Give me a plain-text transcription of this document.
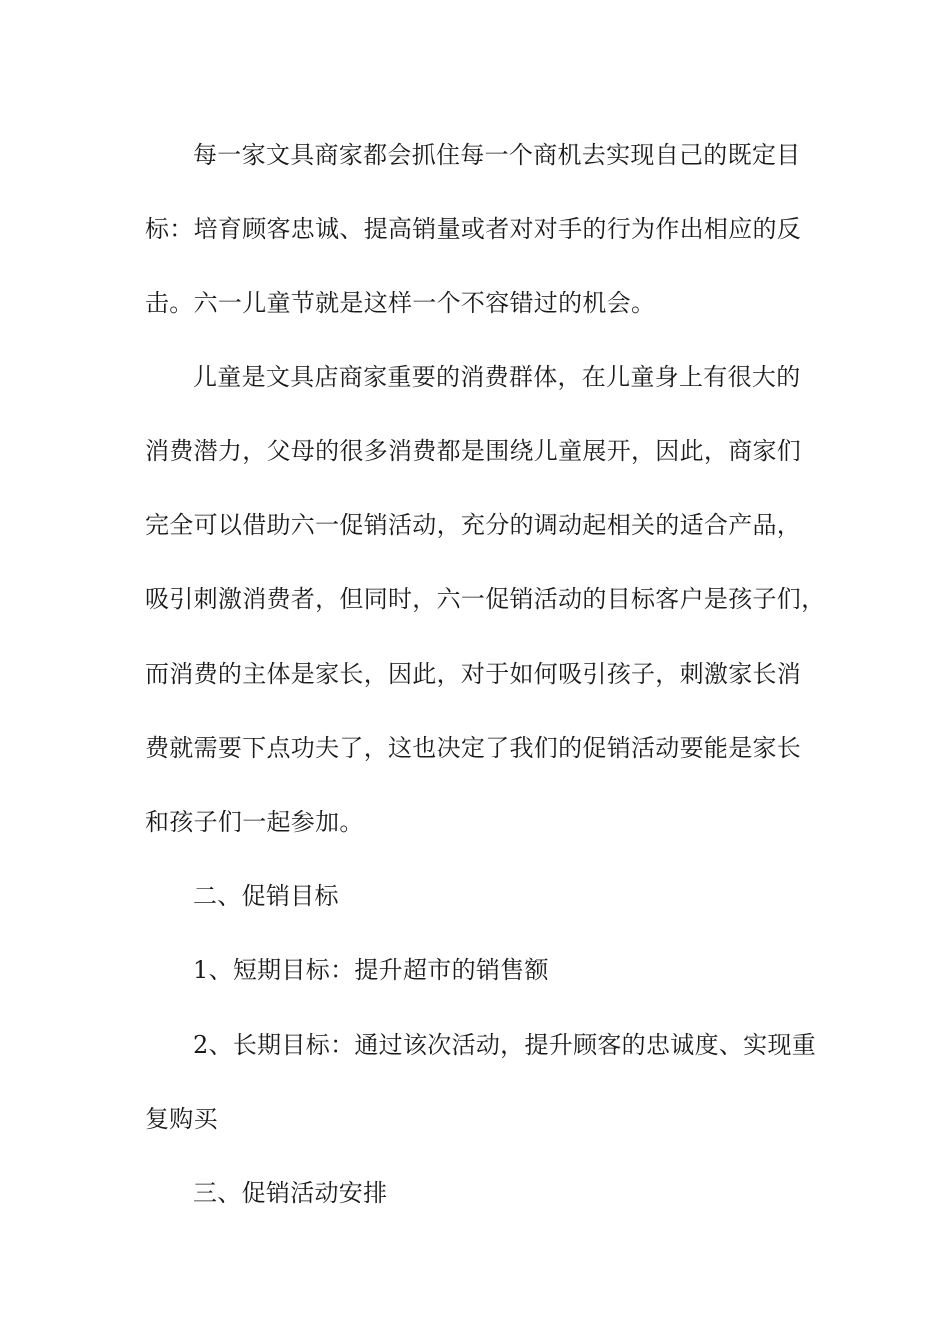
每一家文具商家都会抓住每一个商机去实现自己的既定目
标：培育顾客忠诚、提高销量或者对对手的行为作出相应的反
击。六一儿童节就是这样一个不容错过的机会。
儿童是文具店商家重要的消费群体，在儿童身上有很大的
消费潜力，父母的很多消费都是围绕儿童展开，因此，商家们
完全可以借助六一促销活动，充分的调动起相关的适合产品，
吸引刺激消费者，但同时，六一促销活动的目标客户是孩子们，
而消费的主体是家长，因此，对于如何吸引孩子，刺激家长消
费就需要下点功夫了，这也决定了我们的促销活动要能是家长
和孩子们一起参加。
二、促销目标
1、短期目标：提升超市的销售额
2、长期目标：通过该次活动，提升顾客的忠诚度、实现重
复购买
三、促销活动安排
